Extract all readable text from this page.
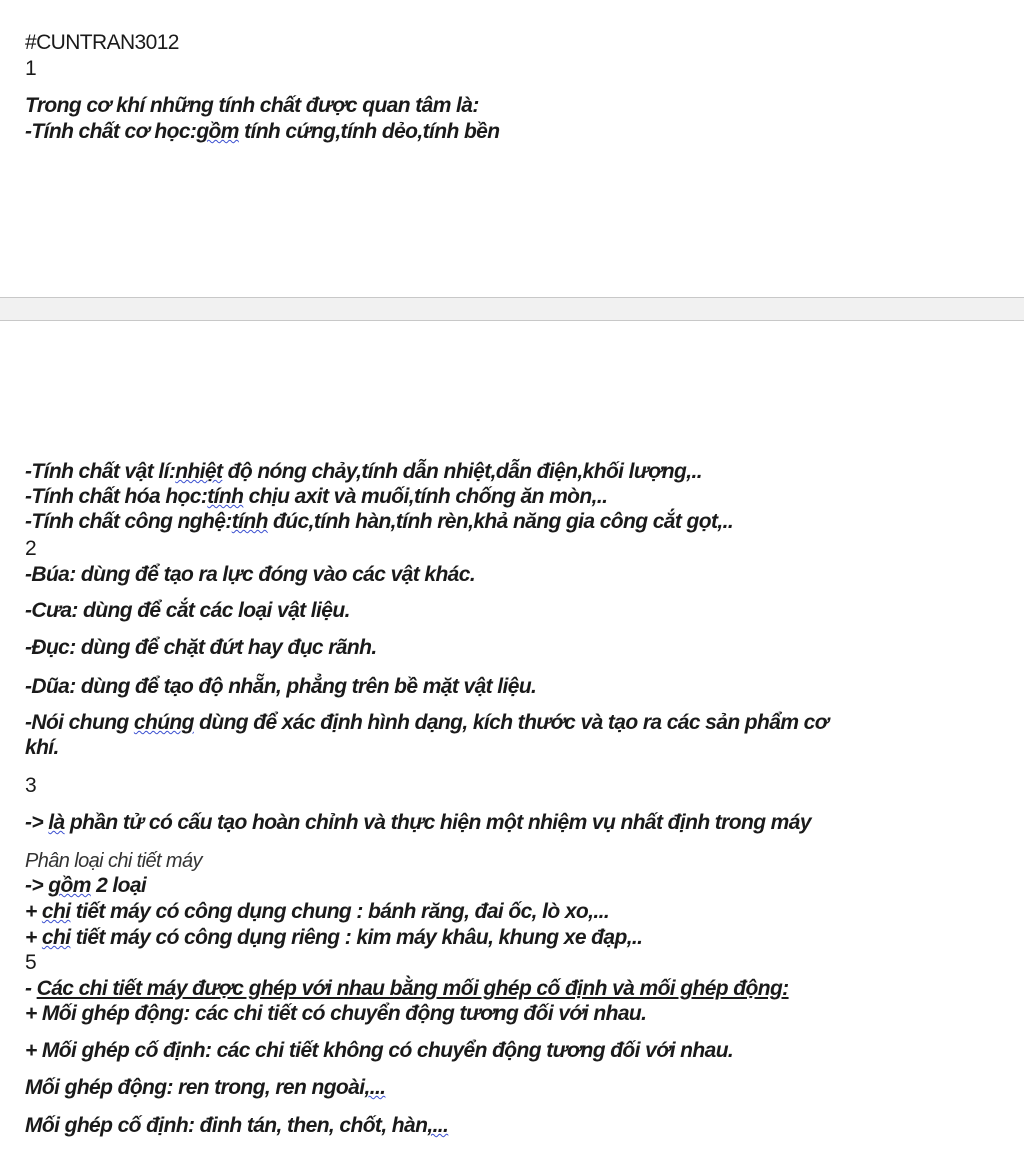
#CUNTRAN3012
1
Trong cơ khí những tính chất được quan tâm là:
-Tính chất cơ học:gồm tính cứng,tính dẻo,tính bền
-Tính chất vật lí:nhiệt độ nóng chảy,tính dẫn nhiệt,dẫn điện,khối lượng,..
-Tính chất hóa học:tính chịu axit và muối,tính chống ăn mòn,..
-Tính chất công nghệ:tính đúc,tính hàn,tính rèn,khả năng gia công cắt gọt,..
2
-Búa: dùng để tạo ra lực đóng vào các vật khác.
-Cưa: dùng để cắt các loại vật liệu.
-Đục: dùng để chặt đứt hay đục rãnh.
-Dũa: dùng để tạo độ nhẵn, phẳng trên bề mặt vật liệu.
-Nói chung chúng dùng để xác định hình dạng, kích thước và tạo ra các sản phẩm cơ
khí.
3
-> là phần tử có cấu tạo hoàn chỉnh và thực hiện một nhiệm vụ nhất định trong máy
Phân loại chi tiết máy
-> gồm 2 loại
+ chi tiết máy có công dụng chung : bánh răng, đai ốc, lò xo,...
+ chi tiết máy có công dụng riêng : kim máy khâu, khung xe đạp,..
5
- Các chi tiết máy được ghép với nhau bằng mối ghép cố định và mối ghép động:
+ Mối ghép động: các chi tiết có chuyển động tương đối với nhau.
+ Mối ghép cố định: các chi tiết không có chuyển động tương đối với nhau.
Mối ghép động: ren trong, ren ngoài,...
Mối ghép cố định: đinh tán, then, chốt, hàn,...
